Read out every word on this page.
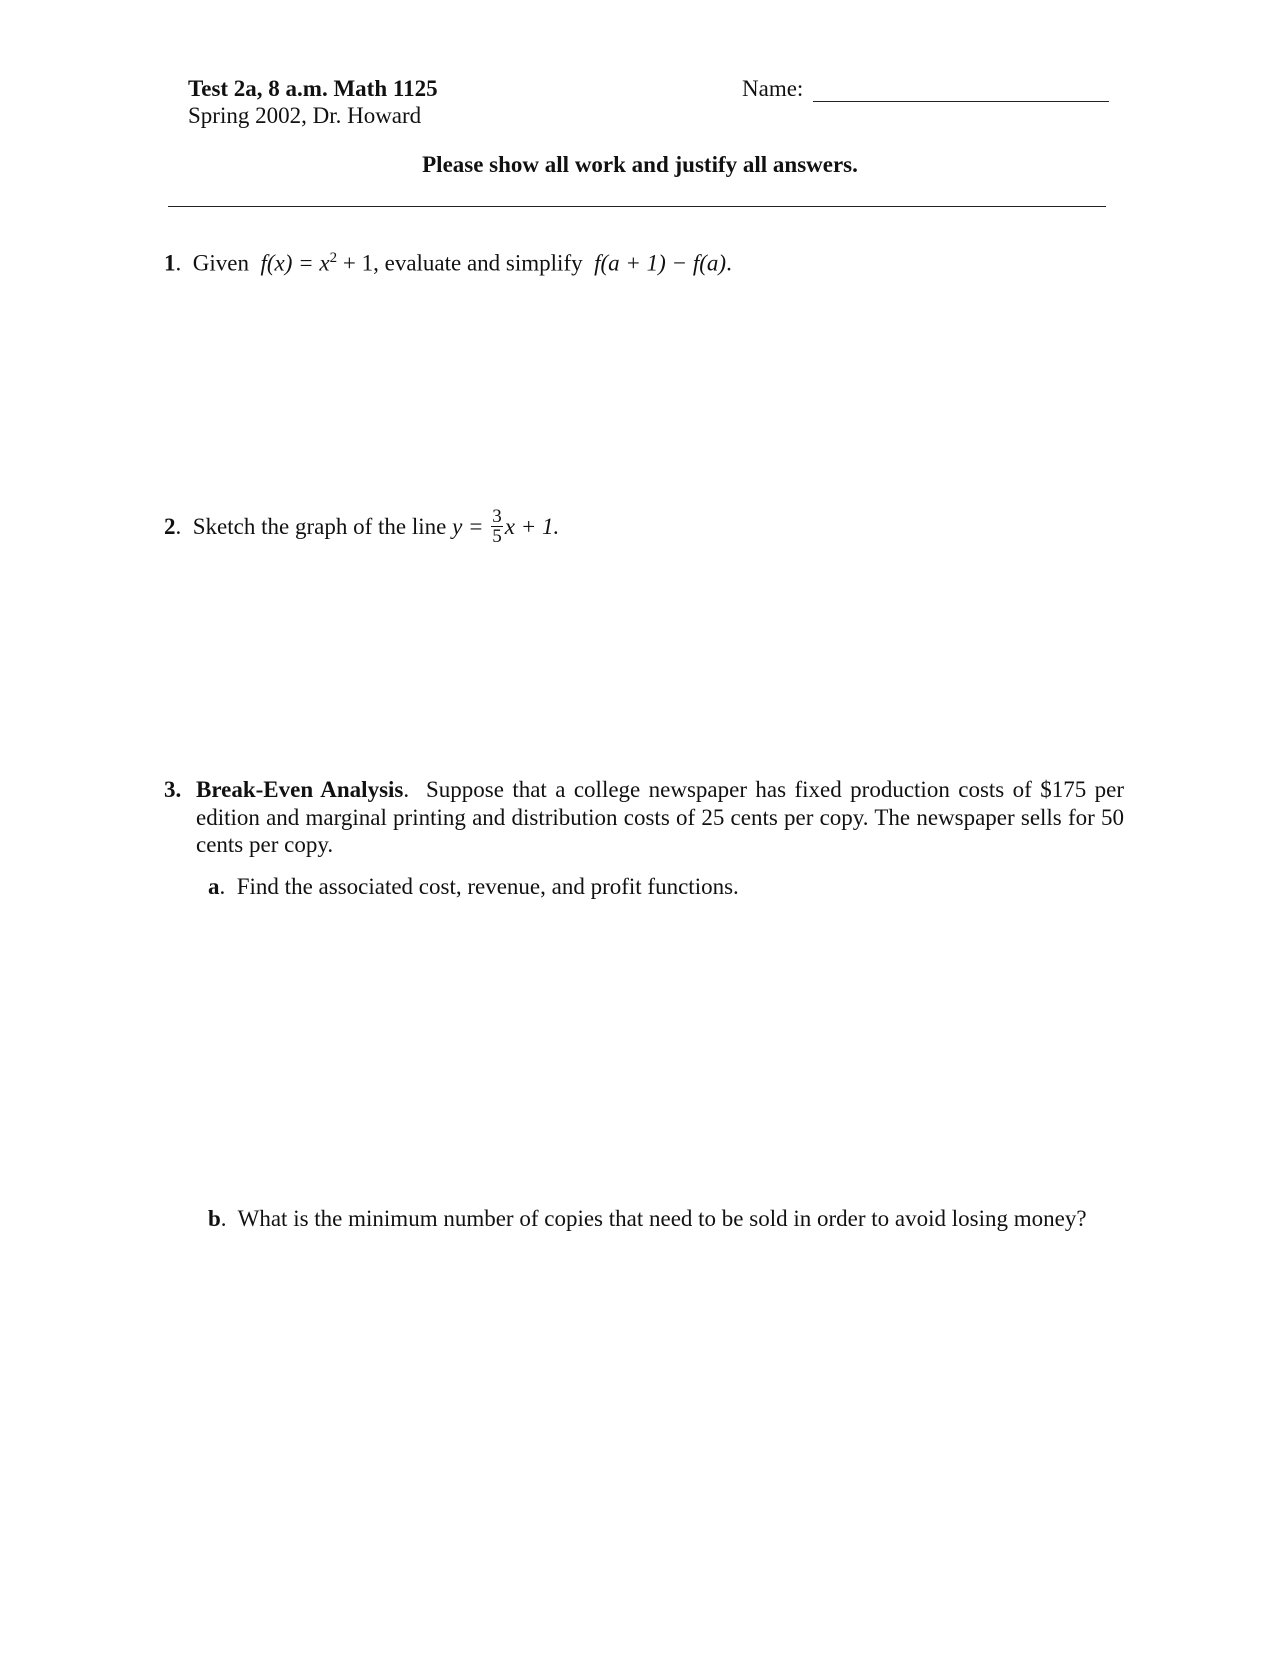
Test 2a, 8 a.m. Math 1125
Spring 2002, Dr. Howard
Name:
Please show all work and justify all answers.
1.  Given $f(x) = x^2 + 1$, evaluate and simplify f(a + 1) − f(a).
2.  Sketch the graph of the line $y = \frac{3}{5}$ x + 1.
3. Break-Even Analysis.  Suppose that a college newspaper has fixed production costs of $175 per edition and marginal printing and distribution costs of 25 cents per copy. The newspaper sells for 50 cents per copy.
a.  Find the associated cost, revenue, and profit functions.
b.  What is the minimum number of copies that need to be sold in order to avoid losing money?
